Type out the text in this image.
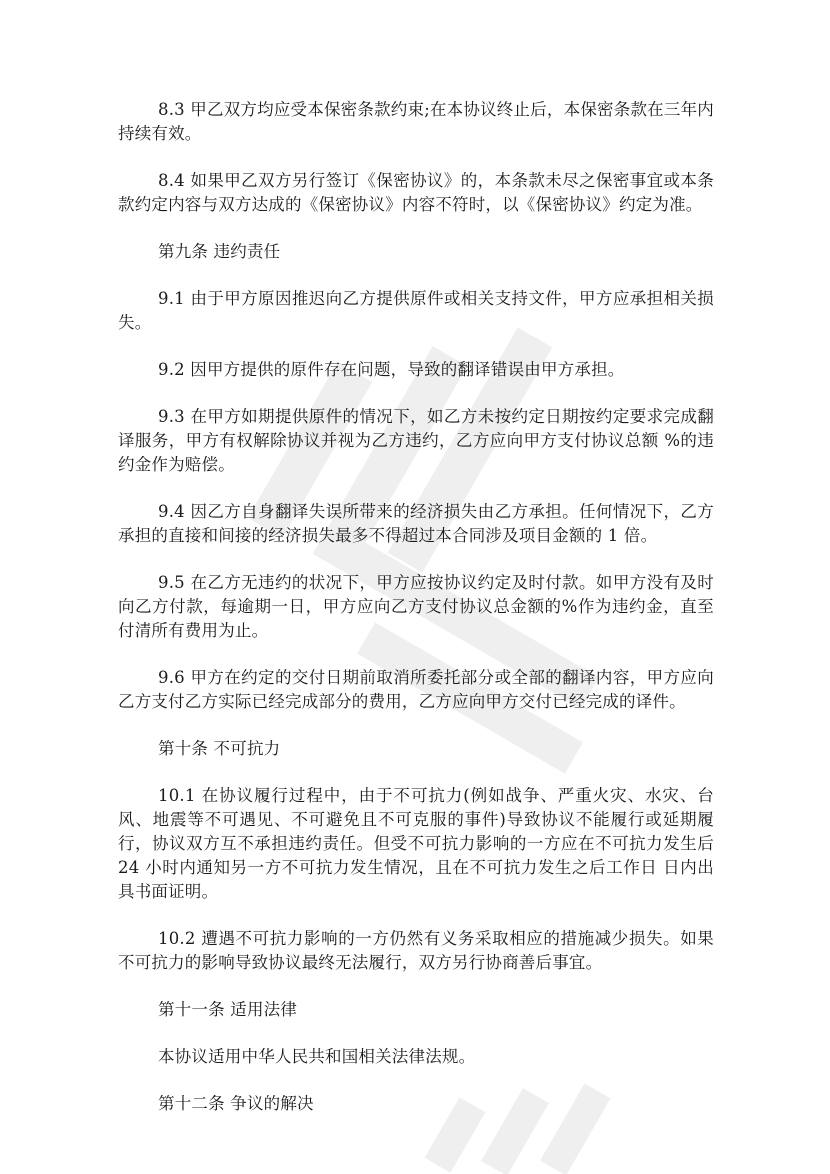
8.3 甲乙双方均应受本保密条款约束;在本协议终止后，本保密条款在三年内持续有效。

8.4 如果甲乙双方另行签订《保密协议》的，本条款未尽之保密事宜或本条款约定内容与双方达成的《保密协议》内容不符时，以《保密协议》约定为准。

第九条 违约责任

9.1 由于甲方原因推迟向乙方提供原件或相关支持文件，甲方应承担相关损失。

9.2 因甲方提供的原件存在问题，导致的翻译错误由甲方承担。

9.3 在甲方如期提供原件的情况下，如乙方未按约定日期按约定要求完成翻译服务，甲方有权解除协议并视为乙方违约，乙方应向甲方支付协议总额 %的违约金作为赔偿。

9.4 因乙方自身翻译失误所带来的经济损失由乙方承担。任何情况下，乙方承担的直接和间接的经济损失最多不得超过本合同涉及项目金额的 1 倍。

9.5 在乙方无违约的状况下，甲方应按协议约定及时付款。如甲方没有及时向乙方付款，每逾期一日，甲方应向乙方支付协议总金额的%作为违约金，直至付清所有费用为止。

9.6 甲方在约定的交付日期前取消所委托部分或全部的翻译内容，甲方应向乙方支付乙方实际已经完成部分的费用，乙方应向甲方交付已经完成的译件。

第十条 不可抗力

10.1 在协议履行过程中，由于不可抗力(例如战争、严重火灾、水灾、台风、地震等不可遇见、不可避免且不可克服的事件)导致协议不能履行或延期履行，协议双方互不承担违约责任。但受不可抗力影响的一方应在不可抗力发生后 24 小时内通知另一方不可抗力发生情况，且在不可抗力发生之后工作日 日内出具书面证明。

10.2 遭遇不可抗力影响的一方仍然有义务采取相应的措施减少损失。如果不可抗力的影响导致协议最终无法履行，双方另行协商善后事宜。

第十一条 适用法律

本协议适用中华人民共和国相关法律法规。

第十二条 争议的解决
